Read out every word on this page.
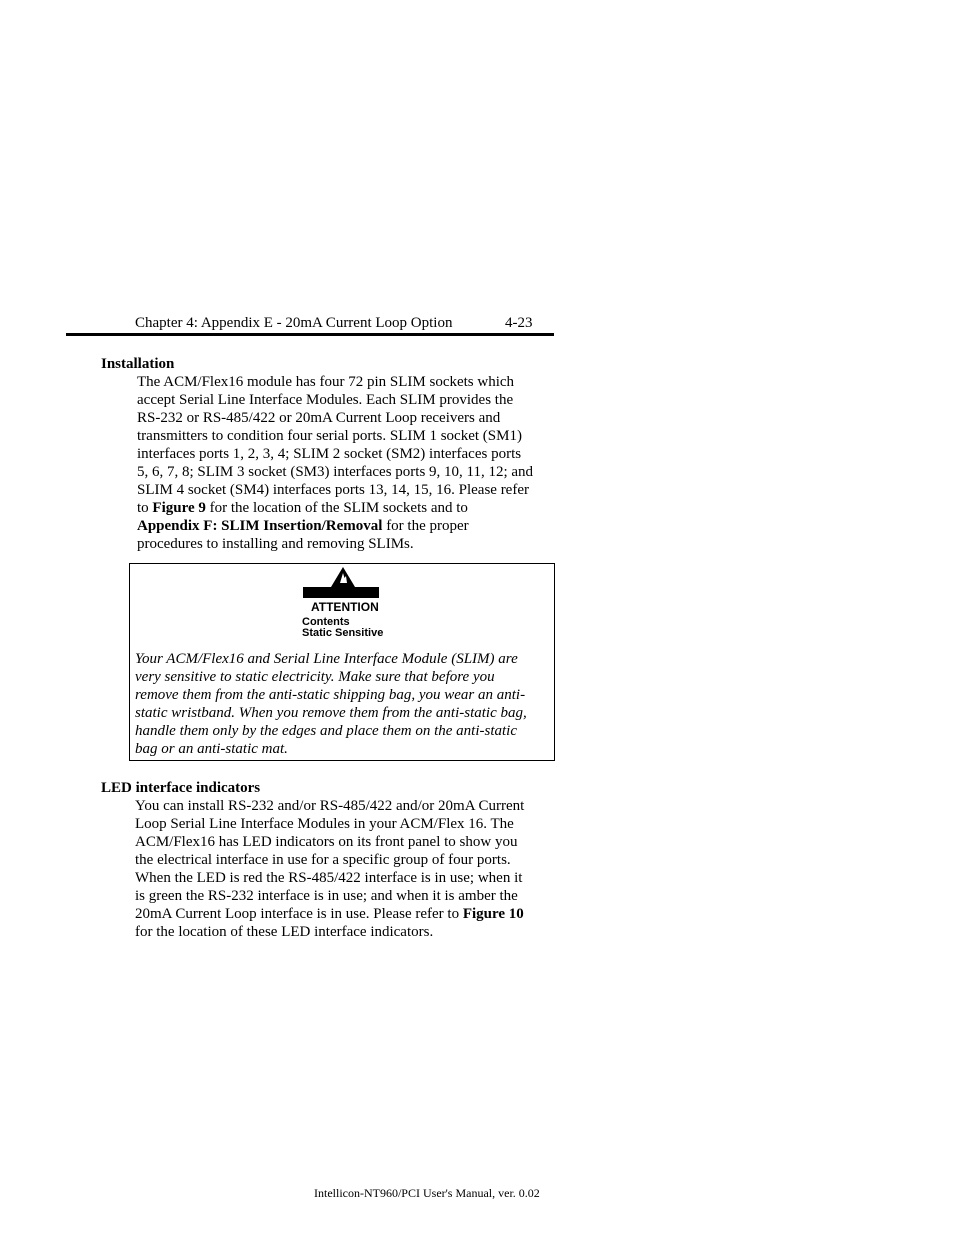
Chapter 4: Appendix E - 20mA Current Loop Option	4-23
Installation
The ACM/Flex16 module has four 72 pin SLIM sockets which
accept Serial Line Interface Modules. Each SLIM provides the
RS-232 or RS-485/422 or 20mA Current Loop receivers and
transmitters to condition four serial ports. SLIM 1 socket (SM1)
interfaces ports 1, 2, 3, 4; SLIM 2 socket (SM2) interfaces ports
5, 6, 7, 8; SLIM 3 socket (SM3) interfaces ports 9, 10, 11, 12; and
SLIM 4 socket (SM4) interfaces ports 13, 14, 15, 16. Please refer
to Figure 9 for the location of the SLIM sockets and to
Appendix F: SLIM Insertion/Removal for the proper
procedures to installing and removing SLIMs.
ATTENTION
Contents
Static Sensitive
Your ACM/Flex16 and Serial Line Interface Module (SLIM) are
very sensitive to static electricity. Make sure that before you
remove them from the anti-static shipping bag, you wear an anti-
static wristband. When you remove them from the anti-static bag,
handle them only by the edges and place them on the anti-static
bag or an anti-static mat.
LED interface indicators
You can install RS-232 and/or RS-485/422 and/or 20mA Current
Loop Serial Line Interface Modules in your ACM/Flex 16. The
ACM/Flex16 has LED indicators on its front panel to show you
the electrical interface in use for a specific group of four ports.
When the LED is red the RS-485/422 interface is in use; when it
is green the RS-232 interface is in use; and when it is amber the
20mA Current Loop interface is in use. Please refer to Figure 10
for the location of these LED interface indicators.
Intellicon-NT960/PCI User's Manual, ver. 0.02
